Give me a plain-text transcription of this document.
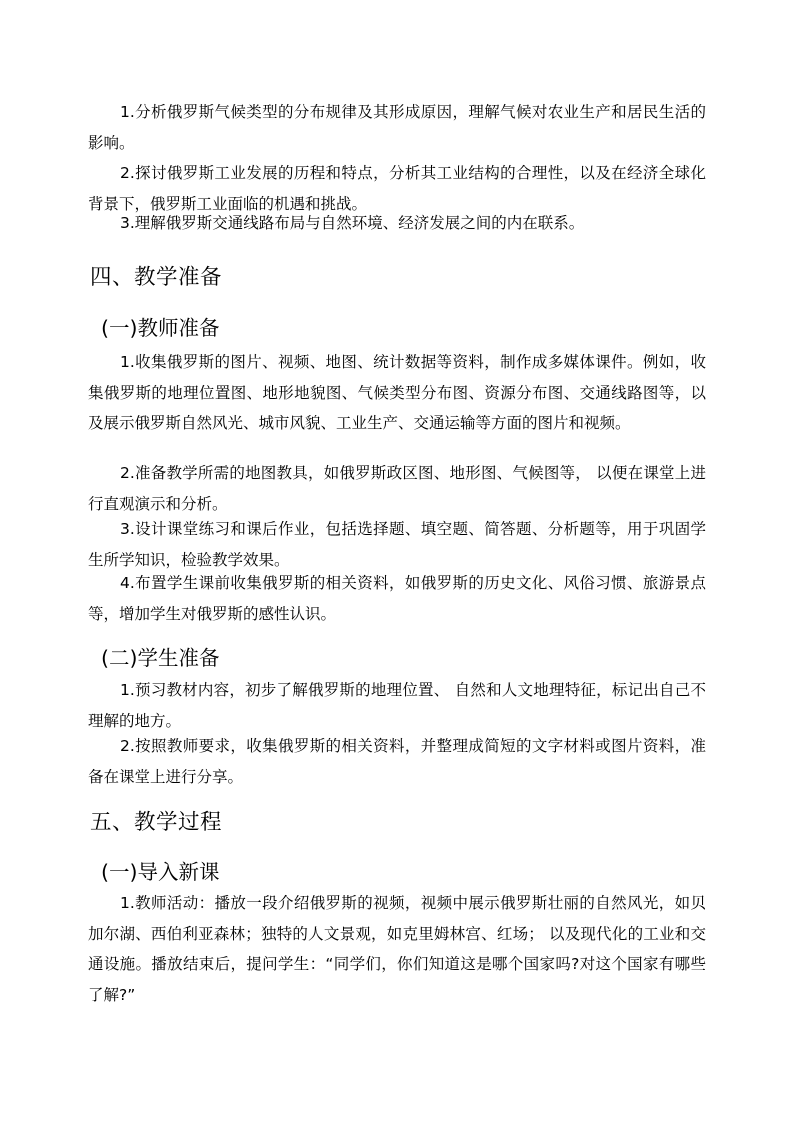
1.分析俄罗斯气候类型的分布规律及其形成原因，理解气候对农业生产和居民生活的影响。

2.探讨俄罗斯工业发展的历程和特点，分析其工业结构的合理性，以及在经济全球化背景下，俄罗斯工业面临的机遇和挑战。

3.理解俄罗斯交通线路布局与自然环境、经济发展之间的内在联系。

四、教学准备
(一)教师准备

1.收集俄罗斯的图片、视频、地图、统计数据等资料，制作成多媒体课件。例如，收集俄罗斯的地理位置图、地形地貌图、气候类型分布图、资源分布图、交通线路图等，以及展示俄罗斯自然风光、城市风貌、工业生产、交通运输等方面的图片和视频。

2.准备教学所需的地图教具，如俄罗斯政区图、地形图、气候图等， 以便在课堂上进行直观演示和分析。

3.设计课堂练习和课后作业，包括选择题、填空题、简答题、分析题等，用于巩固学生所学知识，检验教学效果。

4.布置学生课前收集俄罗斯的相关资料，如俄罗斯的历史文化、风俗习惯、旅游景点等，增加学生对俄罗斯的感性认识。

(二)学生准备

1.预习教材内容，初步了解俄罗斯的地理位置、 自然和人文地理特征，标记出自己不理解的地方。

2.按照教师要求，收集俄罗斯的相关资料，并整理成简短的文字材料或图片资料，准备在课堂上进行分享。

五、教学过程
(一)导入新课

1.教师活动：播放一段介绍俄罗斯的视频，视频中展示俄罗斯壮丽的自然风光，如贝加尔湖、西伯利亚森林；独特的人文景观，如克里姆林宫、红场； 以及现代化的工业和交通设施。播放结束后，提问学生：“同学们，你们知道这是哪个国家吗?对这个国家有哪些了解?”
